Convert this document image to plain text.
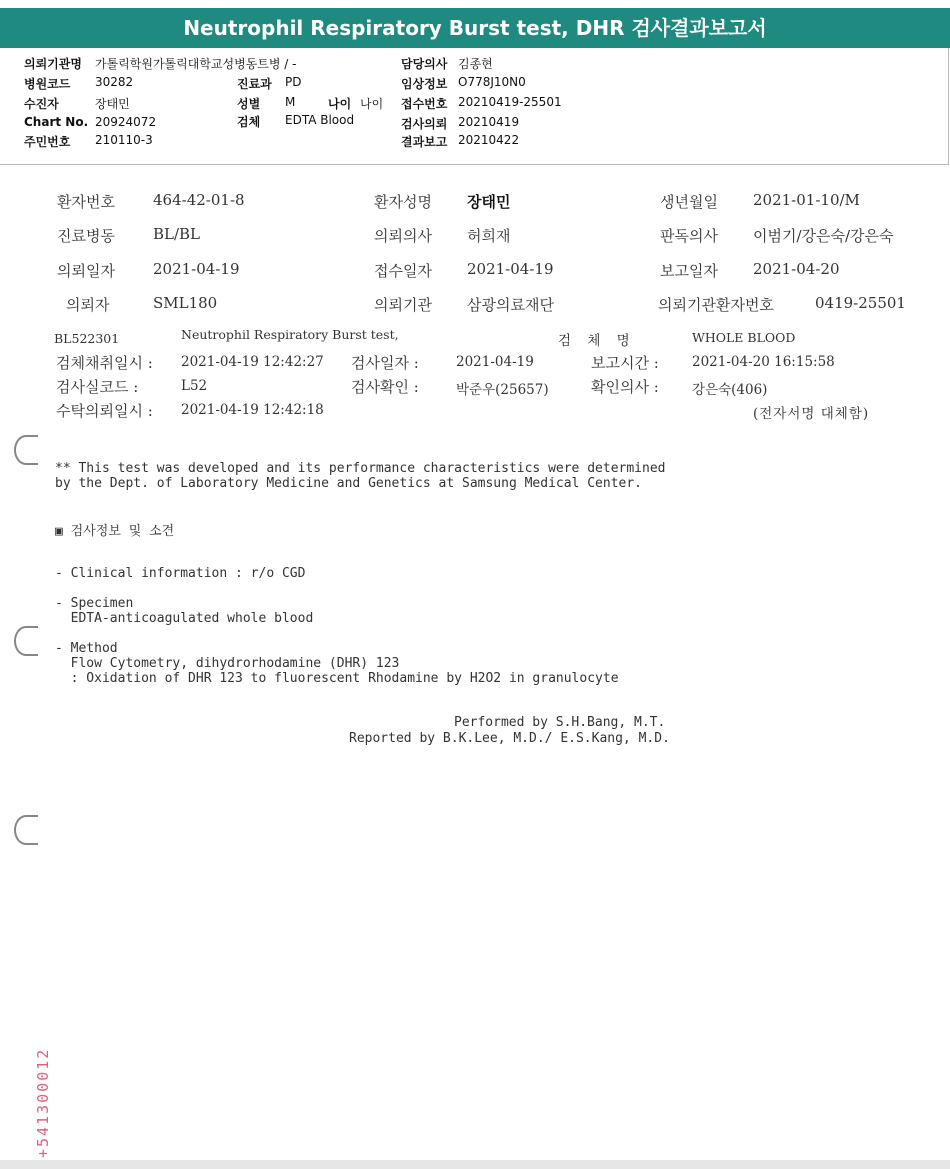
Neutrophil Respiratory Burst test, DHR 검사결과보고서
의뢰기관명 가톨릭학원가톨릭대학교성병동트병 / -
병원코드 30282
수진자	장태민
Chart No. 20924072
주민번호 210110-3
진료과 PD
성별 M	나이 나이
검체 EDTA Blood
담당의사 김종현
임상정보 O778J10N0
접수번호 20210419-25501
검사의뢰 20210419
결과보고 20210422
환자번호	464-42-01-8	환자성명 장태민	생년월일 2021-01-10/M
진료병동	BL/BL	의뢰의사 허희재	판독의사 이범기/강은숙/강은숙
의뢰일자	2021-04-19	접수일자 2021-04-19	보고일자 2021-04-20
의뢰자	SML180	의뢰기관 삼광의료재단	의뢰기관환자번호	0419-25501
BL522301	Neutrophil Respiratory Burst test,	검 체 명	WHOLE BLOOD
검체채취일시 : 2021-04-19 12:42:27 검사일자 :	2021-04-19	보고시간 : 2021-04-20 16:15:58
검사실코드 :	L52	검사확인 :	박준우(25657)	확인의사 : 강은숙(406)
수탁의뢰일시 : 2021-04-19 12:42:18	(전자서명 대체함)
** This test was developed and its performance characteristics were determined
by the Dept. of Laboratory Medicine and Genetics at Samsung Medical Center.
▣ 검사정보 및 소견
- Clinical information : r/o CGD
- Specimen
EDTA-anticoagulated whole blood
- Method
Flow Cytometry, dihydrorhodamine (DHR) 123
: Oxidation of DHR 123 to fluorescent Rhodamine by H2O2 in granulocyte
Performed by S.H.Bang, M.T.
Reported by B.K.Lee, M.D./ E.S.Kang, M.D.
+541300012
